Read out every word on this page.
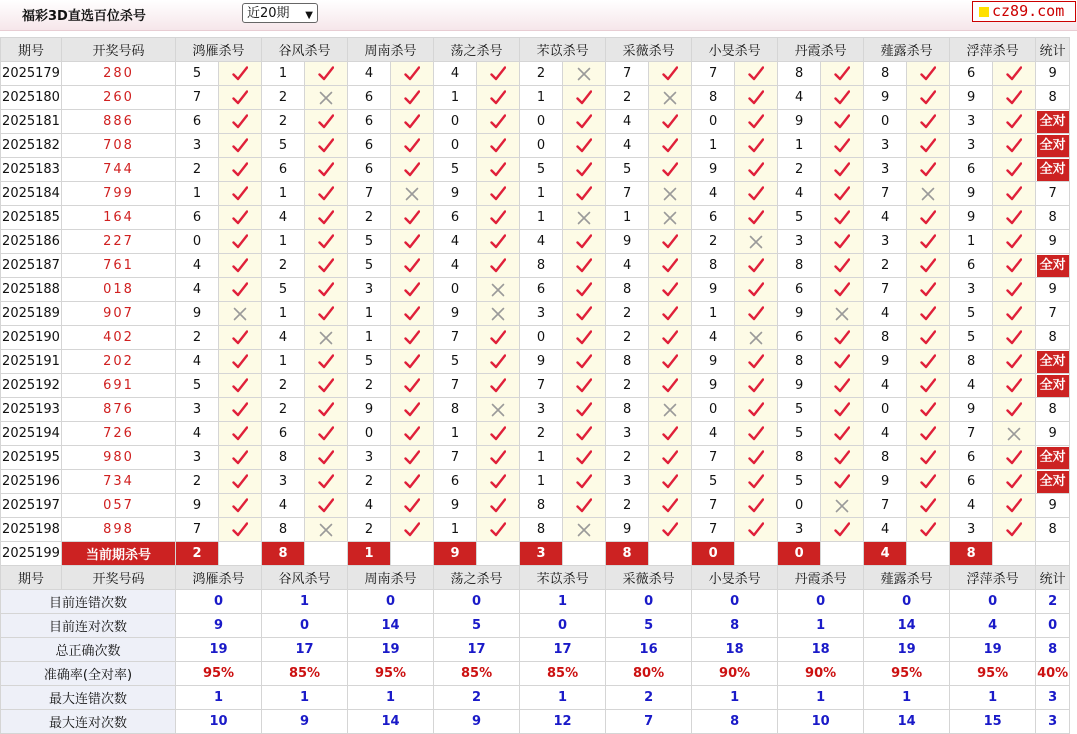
福彩3D直选百位杀号	近20期 ▼	cz89.com
期号	开奖号码	鸿雁杀号		谷风杀号		周南杀号		荡之杀号		芣苡杀号		采薇杀号		小旻杀号		丹霞杀号		薤露杀号		浮萍杀号		统计
2025179	280	5		1		4		4		2		7		7		8		8		6		9
2025180	260	7		2		6		1		1		2		8		4		9		9		8
2025181	886	6		2		6		0		0		4		0		9		0		3		全对
2025182	708	3		5		6		0		0		4		1		1		3		3		全对
2025183	744	2		6		6		5		5		5		9		2		3		6		全对
2025184	799	1		1		7		9		1		7		4		4		7		9		7
2025185	164	6		4		2		6		1		1		6		5		4		9		8
2025186	227	0		1		5		4		4		9		2		3		3		1		9
2025187	761	4		2		5		4		8		4		8		8		2		6		全对
2025188	018	4		5		3		0		6		8		9		6		7		3		9
2025189	907	9		1		1		9		3		2		1		9		4		5		7
2025190	402	2		4		1		7		0		2		4		6		8		5		8
2025191	202	4		1		5		5		9		8		9		8		9		8		全对
2025192	691	5		2		2		7		7		2		9		9		4		4		全对
2025193	876	3		2		9		8		3		8		0		5		0		9		8
2025194	726	4		6		0		1		2		3		4		5		4		7		9
2025195	980	3		8		3		7		1		2		7		8		8		6		全对
2025196	734	2		3		2		6		1		3		5		5		9		6		全对
2025197	057	9		4		4		9		8		2		7		0		7		4		9
2025198	898	7		8		2		1		8		9		7		3		4		3		8
2025199	当前期杀号	2		8		1		9		3		8		0		0		4		8		
期号	开奖号码	鸿雁杀号		谷风杀号		周南杀号		荡之杀号		芣苡杀号		采薇杀号		小旻杀号		丹霞杀号		薤露杀号		浮萍杀号		统计
目前连错次数		0		1		0		0		1		0		0		0		0		0		2
目前连对次数		9		0		14		5		0		5		8		1		14		4		0
总正确次数		19		17		19		17		17		16		18		18		19		19		8
准确率(全对率)		95%		85%		95%		85%		85%		80%		90%		90%		95%		95%		40%
最大连错次数		1		1		1		2		1		2		1		1		1		1		3
最大连对次数		10		9		14		9		12		7		8		10		14		15		3
